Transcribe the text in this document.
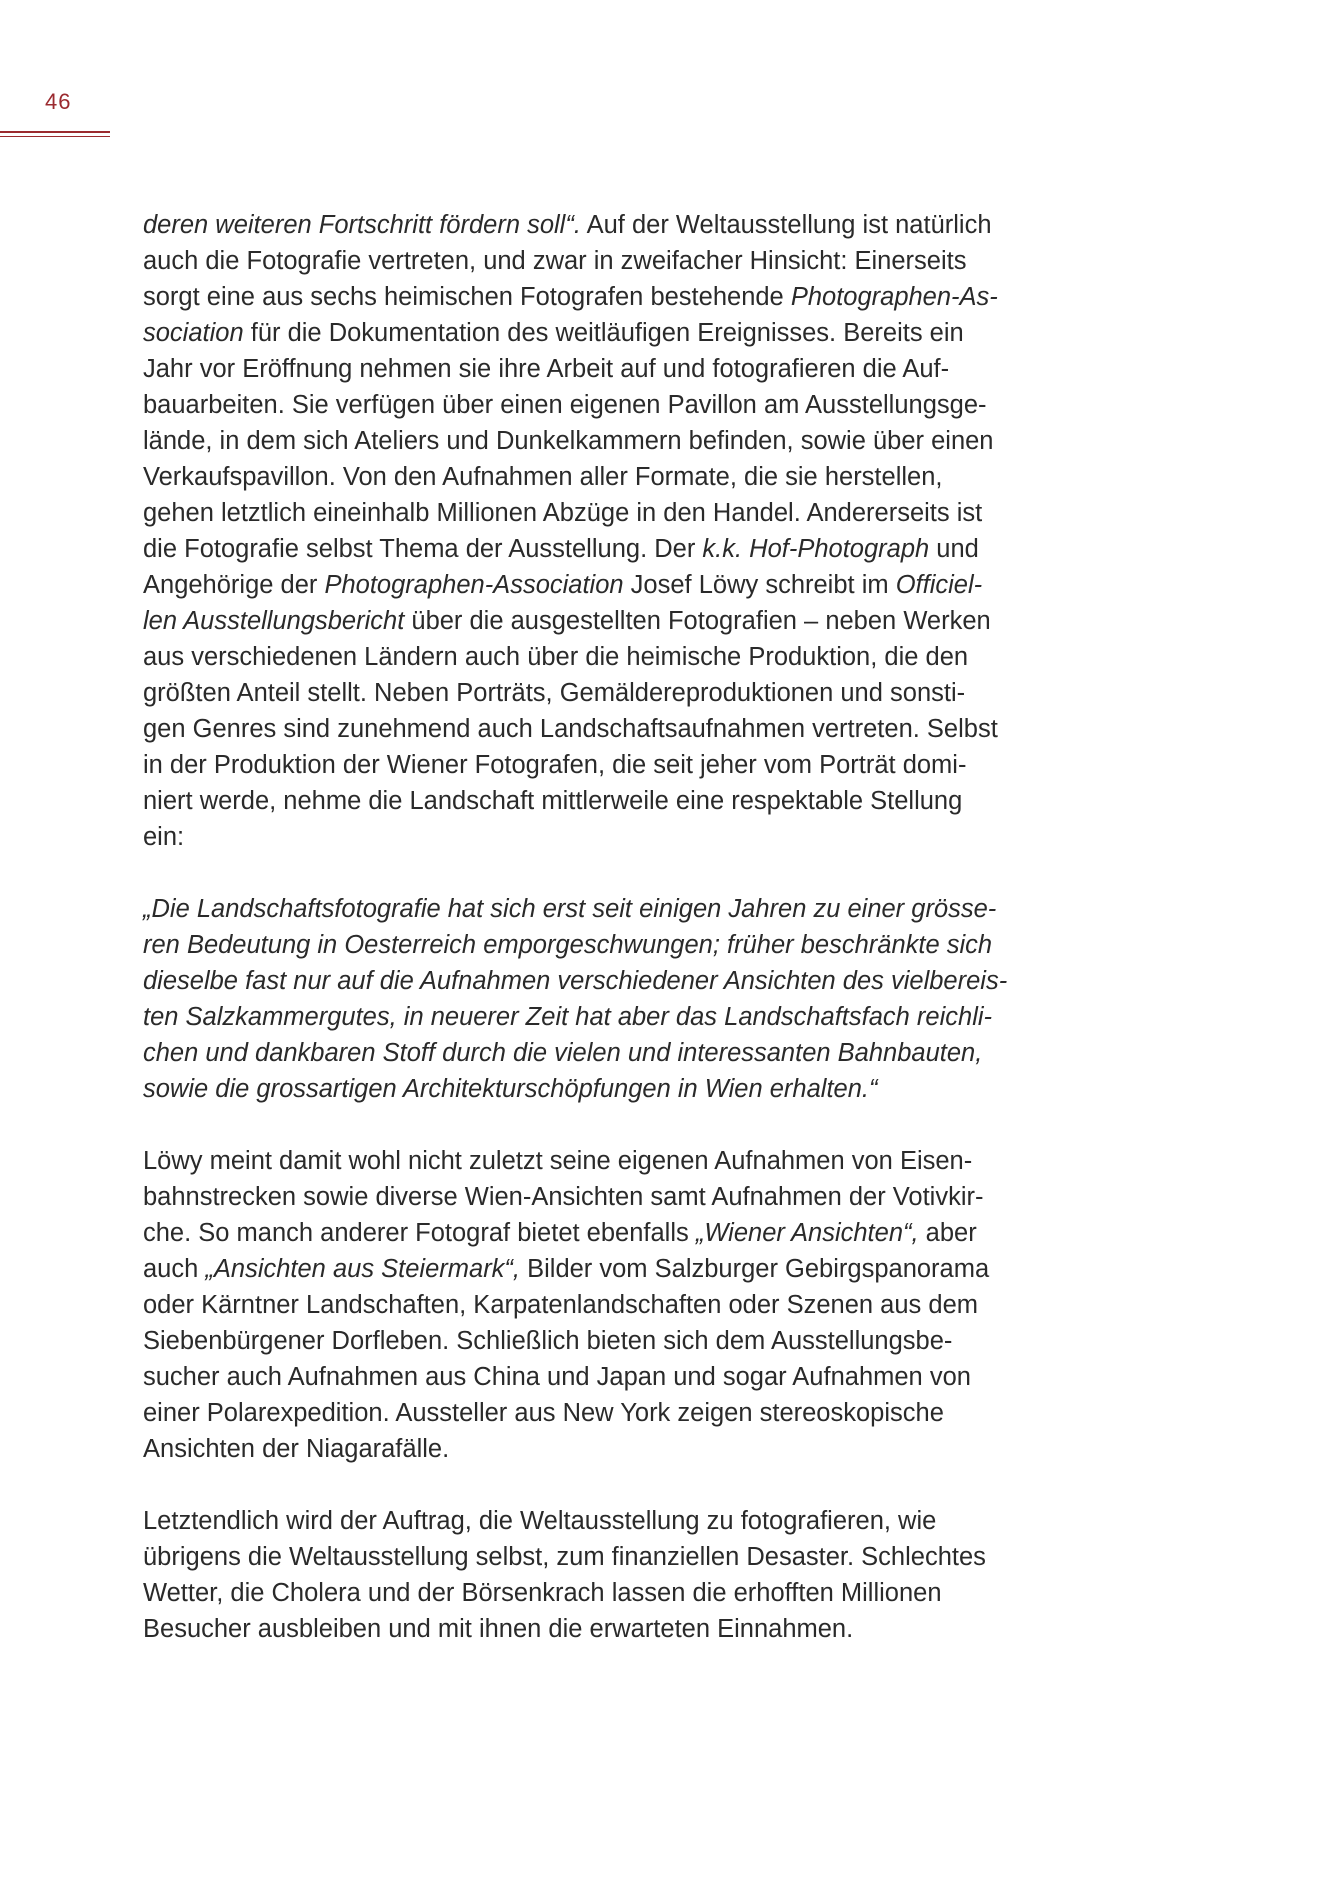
46
deren weiteren Fortschritt fördern soll“. Auf der Weltausstellung ist natürlich
auch die Fotografie vertreten, und zwar in zweifacher Hinsicht: Einerseits
sorgt eine aus sechs heimischen Fotografen bestehende Photographen-As-
sociation für die Dokumentation des weitläufigen Ereignisses. Bereits ein
Jahr vor Eröffnung nehmen sie ihre Arbeit auf und fotografieren die Auf-
bauarbeiten. Sie verfügen über einen eigenen Pavillon am Ausstellungsge-
lände, in dem sich Ateliers und Dunkelkammern befinden, sowie über einen
Verkaufspavillon. Von den Aufnahmen aller Formate, die sie herstellen,
gehen letztlich eineinhalb Millionen Abzüge in den Handel. Andererseits ist
die Fotografie selbst Thema der Ausstellung. Der k.k. Hof-Photograph und
Angehörige der Photographen-Association Josef Löwy schreibt im Officiel-
len Ausstellungsbericht über die ausgestellten Fotografien – neben Werken
aus verschiedenen Ländern auch über die heimische Produktion, die den
größten Anteil stellt. Neben Porträts, Gemäldereproduktionen und sonsti-
gen Genres sind zunehmend auch Landschaftsaufnahmen vertreten. Selbst
in der Produktion der Wiener Fotografen, die seit jeher vom Porträt domi-
niert werde, nehme die Landschaft mittlerweile eine respektable Stellung
ein:
„Die Landschaftsfotografie hat sich erst seit einigen Jahren zu einer grösse-
ren Bedeutung in Oesterreich emporgeschwungen; früher beschränkte sich
dieselbe fast nur auf die Aufnahmen verschiedener Ansichten des vielbereis-
ten Salzkammergutes, in neuerer Zeit hat aber das Landschaftsfach reichli-
chen und dankbaren Stoff durch die vielen und interessanten Bahnbauten,
sowie die grossartigen Architekturschöpfungen in Wien erhalten.“
Löwy meint damit wohl nicht zuletzt seine eigenen Aufnahmen von Eisen-
bahnstrecken sowie diverse Wien-Ansichten samt Aufnahmen der Votivkir-
che. So manch anderer Fotograf bietet ebenfalls „Wiener Ansichten“, aber
auch „Ansichten aus Steiermark“, Bilder vom Salzburger Gebirgspanorama
oder Kärntner Landschaften, Karpatenlandschaften oder Szenen aus dem
Siebenbürgener Dorfleben. Schließlich bieten sich dem Ausstellungsbe-
sucher auch Aufnahmen aus China und Japan und sogar Aufnahmen von
einer Polarexpedition. Aussteller aus New York zeigen stereoskopische
Ansichten der Niagarafälle.
Letztendlich wird der Auftrag, die Weltausstellung zu fotografieren, wie
übrigens die Weltausstellung selbst, zum finanziellen Desaster. Schlechtes
Wetter, die Cholera und der Börsenkrach lassen die erhofften Millionen
Besucher ausbleiben und mit ihnen die erwarteten Einnahmen.
